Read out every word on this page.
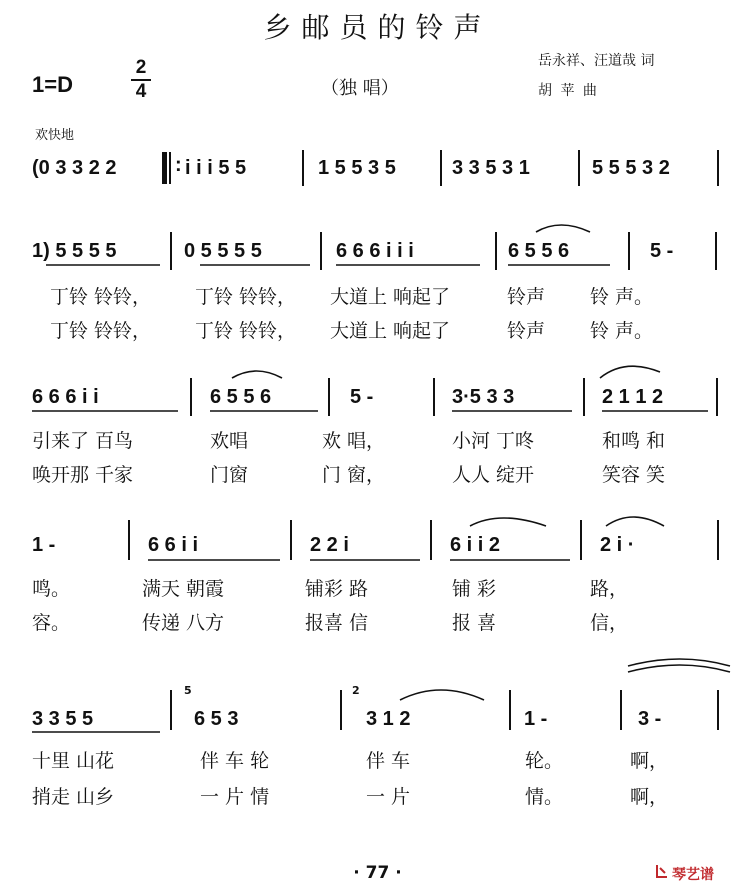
乡邮员的铃声
1=D
2
4	（独 唱）
岳永祥、汪道哉 词
胡 苹 曲
欢快地
(0 3 3 2 2	: i i i 5 5	1 5 5 3 5	3 3 5 3 1	5 5 5 3 2
1) 5 5 5 5	0 5 5 5 5	6 6 6 i i i	6 5 5 6	5 -
丁铃 铃铃， 丁铃 铃铃， 大道上 响起了	铃声 铃 声。
丁铃 铃铃， 丁铃 铃铃， 大道上 响起了	铃声 铃 声。
6 6 6 i i	6 5 5 6	5 -	3·5 3 3	2 1 1 2
引来了 百鸟	欢唱	欢 唱，	小河 丁咚	和鸣 和
唤开那 千家	门窗	门 窗，	人人 绽开	笑容 笑
1 -	6 6 i i	2 2 i	6 i i 2	2 i ·
鸣。	满天 朝霞	铺彩 路	铺 彩	路，
容。	传递 八方	报喜 信	报 喜	信，
3 3 5 5
5
6 5 3
2
3 1 2	1 -	3 -
十里 山花	伴 车 轮	伴 车	轮。	啊，
捎走 山乡	一 片 情	一 片	情。	啊，
· 77 ·	琴艺谱
